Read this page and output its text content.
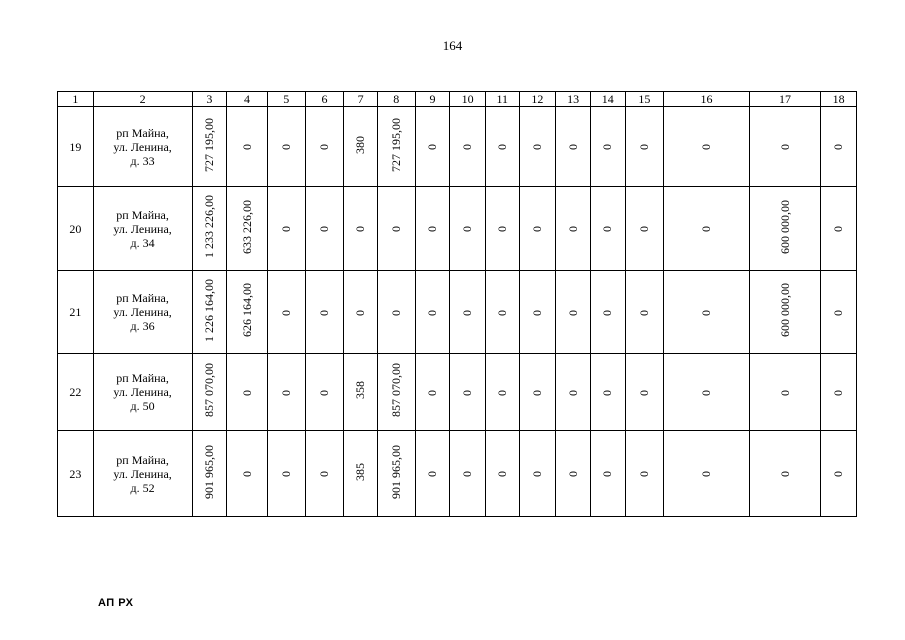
164
1	2	3	4	5	6	7	8	9	10	11	12	13	14	15	16	17	18
19	рп Майна,
ул. Ленина,
д. 33	727 195,00	0	0	0	380	727 195,00	0	0	0	0	0	0	0	0	0	0
20	рп Майна,
ул. Ленина,
д. 34	1 233 226,00	633 226,00	0	0	0	0	0	0	0	0	0	0	0	0	600 000,00	0
21	рп Майна,
ул. Ленина,
д. 36	1 226 164,00	626 164,00	0	0	0	0	0	0	0	0	0	0	0	0	600 000,00	0
22	рп Майна,
ул. Ленина,
д. 50	857 070,00	0	0	0	358	857 070,00	0	0	0	0	0	0	0	0	0	0
23	рп Майна,
ул. Ленина,
д. 52	901 965,00	0	0	0	385	901 965,00	0	0	0	0	0	0	0	0	0	0
АП РХ
